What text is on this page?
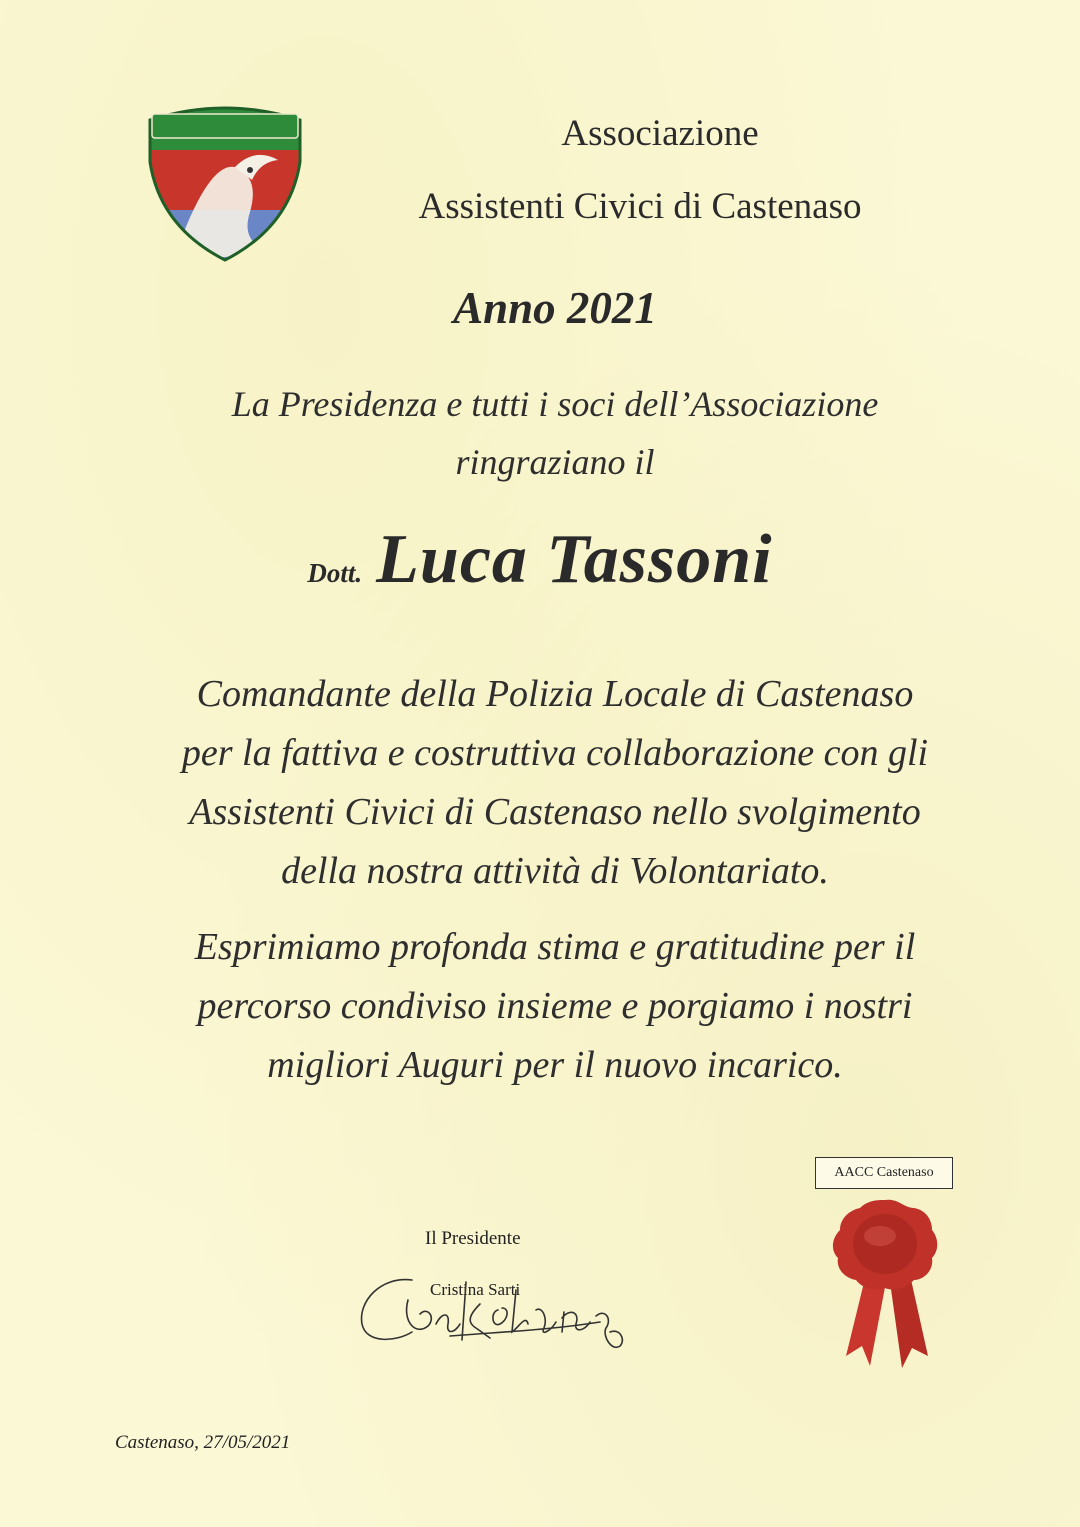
Associazione
Assistenti Civici di Castenaso
Anno 2021
La Presidenza e tutti i soci dell’Associazione
ringraziano il
Dott. Luca Tassoni
Comandante della Polizia Locale di Castenaso
per la fattiva e costruttiva collaborazione con gli
Assistenti Civici di Castenaso nello svolgimento
della nostra attività di Volontariato.
Esprimiamo profonda stima e gratitudine per il
percorso condiviso insieme e porgiamo i nostri
migliori Auguri per il nuovo incarico.
AACC Castenaso
Il Presidente
Cristina Sarti
Castenaso, 27/05/2021
